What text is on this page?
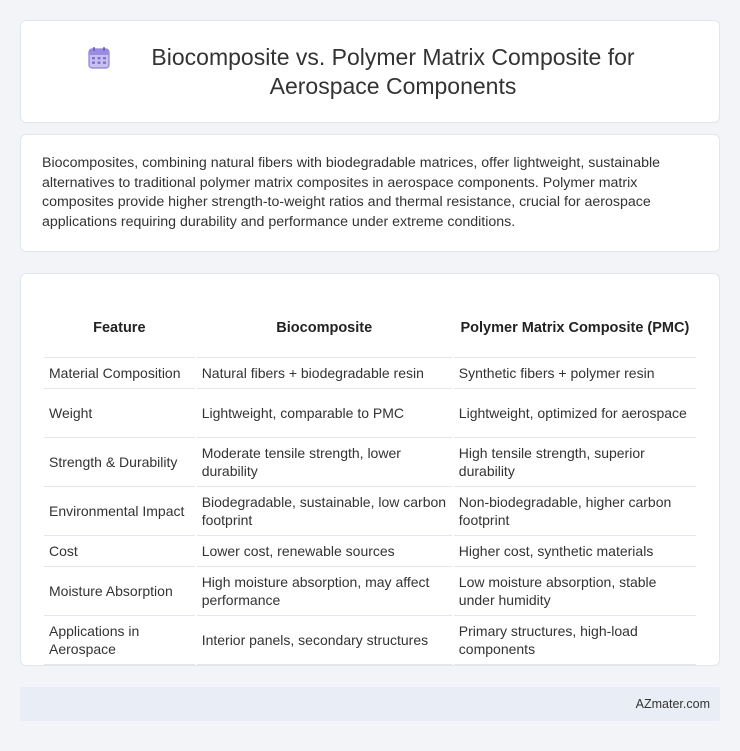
Biocomposite vs. Polymer Matrix Composite for Aerospace Components

Biocomposites, combining natural fibers with biodegradable matrices, offer lightweight, sustainable alternatives to traditional polymer matrix composites in aerospace components. Polymer matrix composites provide higher strength-to-weight ratios and thermal resistance, crucial for aerospace applications requiring durability and performance under extreme conditions.

Feature	Biocomposite	Polymer Matrix Composite (PMC)
Material Composition	Natural fibers + biodegradable resin	Synthetic fibers + polymer resin
Weight	Lightweight, comparable to PMC	Lightweight, optimized for aerospace
Strength & Durability	Moderate tensile strength, lower durability	High tensile strength, superior durability
Environmental Impact	Biodegradable, sustainable, low carbon footprint	Non-biodegradable, higher carbon footprint
Cost	Lower cost, renewable sources	Higher cost, synthetic materials
Moisture Absorption	High moisture absorption, may affect performance	Low moisture absorption, stable under humidity
Applications in Aerospace	Interior panels, secondary structures	Primary structures, high-load components
AZmater.com
